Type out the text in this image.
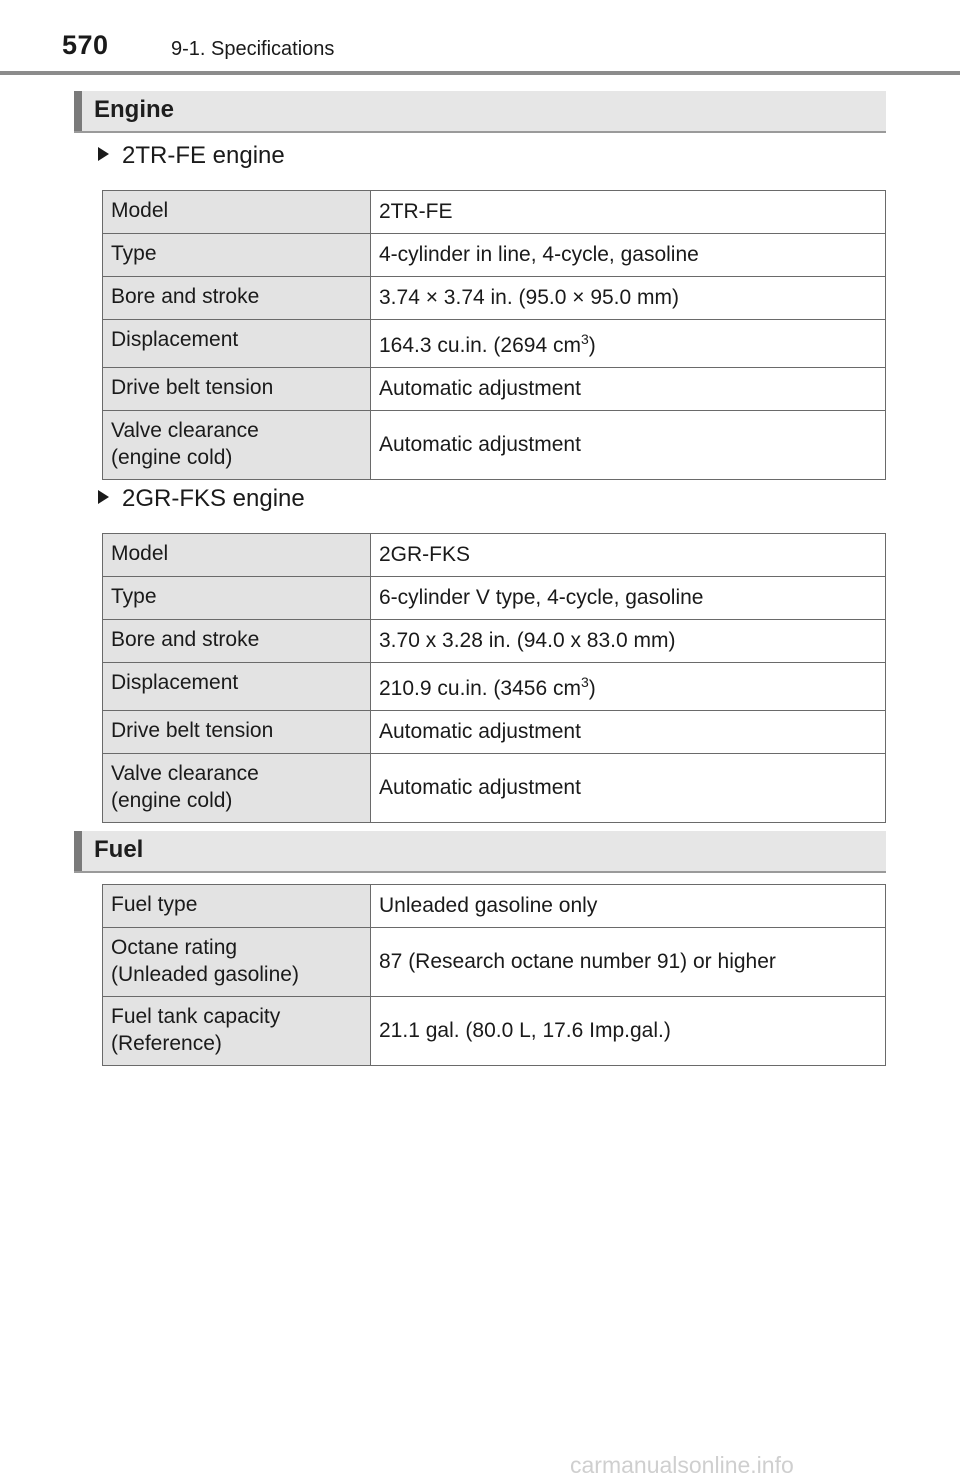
570	9-1. Specifications
Engine
2TR-FE engine
Model	2TR-FE
Type	4-cylinder in line, 4-cycle, gasoline
Bore and stroke	3.74 × 3.74 in. (95.0 × 95.0 mm)
Displacement	164.3 cu.in. (2694 $cm^3$)
Drive belt tension	Automatic adjustment
Valve clearance
(engine cold)	Automatic adjustment
2GR-FKS engine
Model	2GR-FKS
Type	6-cylinder V type, 4-cycle, gasoline
Bore and stroke	3.70 x 3.28 in. (94.0 x 83.0 mm)
Displacement	210.9 cu.in. (3456 $cm^3$)
Drive belt tension	Automatic adjustment
Valve clearance
(engine cold)	Automatic adjustment
Fuel
Fuel type	Unleaded gasoline only
Octane rating
(Unleaded gasoline)	87 (Research octane number 91) or higher
Fuel tank capacity
(Reference)	21.1 gal. (80.0 L, 17.6 Imp.gal.)
carmanualsonline.info
